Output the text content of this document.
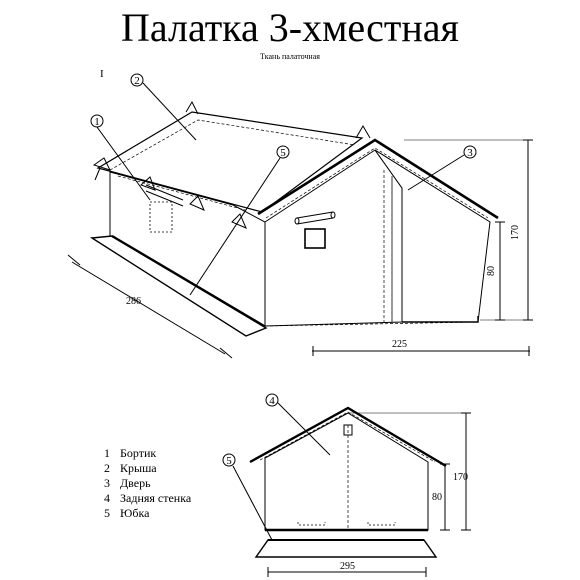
Палатка 3-хместная
Ткань палаточная
I
1
2
3
4
5
5
286
225
170
80
295
170
80
1 Бортик
2 Крыша
3 Дверь
4 Задняя стенка
5 Юбка
